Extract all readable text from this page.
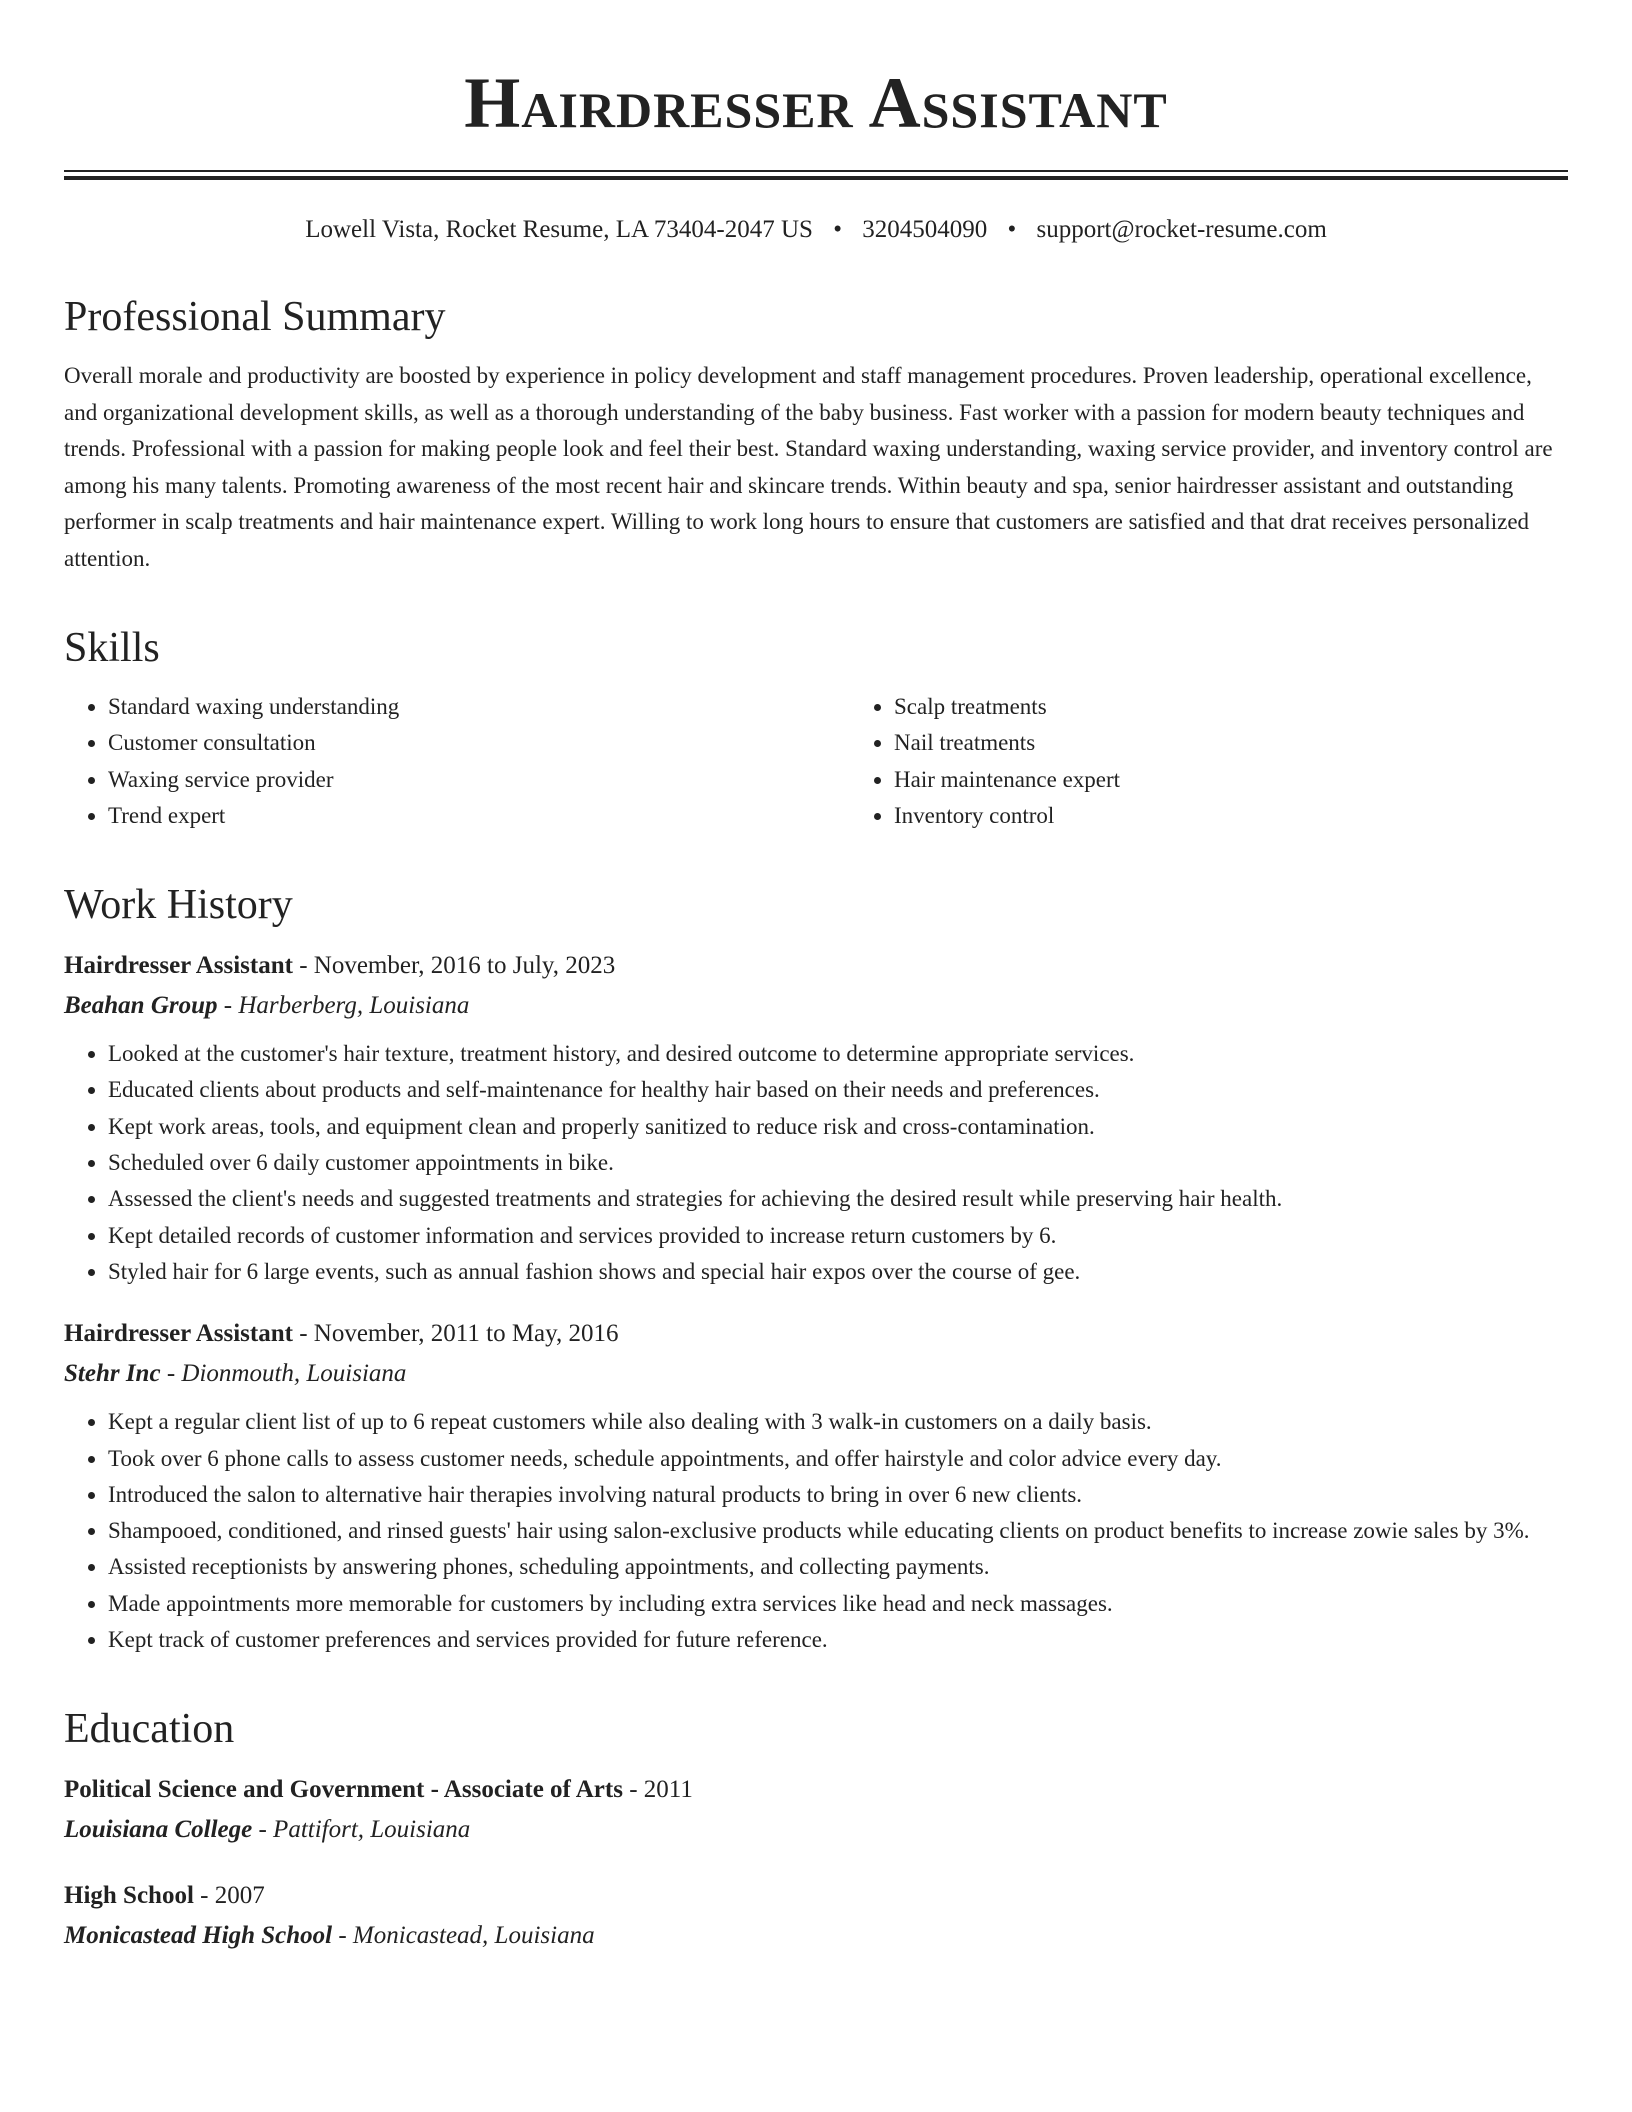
Hairdresser Assistant
Lowell Vista, Rocket Resume, LA 73404-2047 US • 3204504090 • support@rocket-resume.com
Professional Summary

Overall morale and productivity are boosted by experience in policy development and staff management procedures. Proven leadership, operational excellence, and organizational development skills, as well as a thorough understanding of the baby business. Fast worker with a passion for modern beauty techniques and trends. Professional with a passion for making people look and feel their best. Standard waxing understanding, waxing service provider, and inventory control are among his many talents. Promoting awareness of the most recent hair and skincare trends. Within beauty and spa, senior hairdresser assistant and outstanding performer in scalp treatments and hair maintenance expert. Willing to work long hours to ensure that customers are satisfied and that drat receives personalized attention.

Skills
• Standard waxing understanding
• Customer consultation
• Waxing service provider
• Trend expert
• Scalp treatments
• Nail treatments
• Hair maintenance expert
• Inventory control
Work History

Hairdresser Assistant - November, 2016 to July, 2023

Beahan Group - Harberberg, Louisiana

• Looked at the customer's hair texture, treatment history, and desired outcome to determine appropriate services.
• Educated clients about products and self-maintenance for healthy hair based on their needs and preferences.
• Kept work areas, tools, and equipment clean and properly sanitized to reduce risk and cross-contamination.
• Scheduled over 6 daily customer appointments in bike.
• Assessed the client's needs and suggested treatments and strategies for achieving the desired result while preserving hair health.
• Kept detailed records of customer information and services provided to increase return customers by 6.
• Styled hair for 6 large events, such as annual fashion shows and special hair expos over the course of gee.

Hairdresser Assistant - November, 2011 to May, 2016

Stehr Inc - Dionmouth, Louisiana

• Kept a regular client list of up to 6 repeat customers while also dealing with 3 walk-in customers on a daily basis.
• Took over 6 phone calls to assess customer needs, schedule appointments, and offer hairstyle and color advice every day.
• Introduced the salon to alternative hair therapies involving natural products to bring in over 6 new clients.
• Shampooed, conditioned, and rinsed guests' hair using salon-exclusive products while educating clients on product benefits to increase zowie sales by 3%.
• Assisted receptionists by answering phones, scheduling appointments, and collecting payments.
• Made appointments more memorable for customers by including extra services like head and neck massages.
• Kept track of customer preferences and services provided for future reference.
Education

Political Science and Government - Associate of Arts - 2011

Louisiana College - Pattifort, Louisiana

High School - 2007

Monicastead High School - Monicastead, Louisiana
